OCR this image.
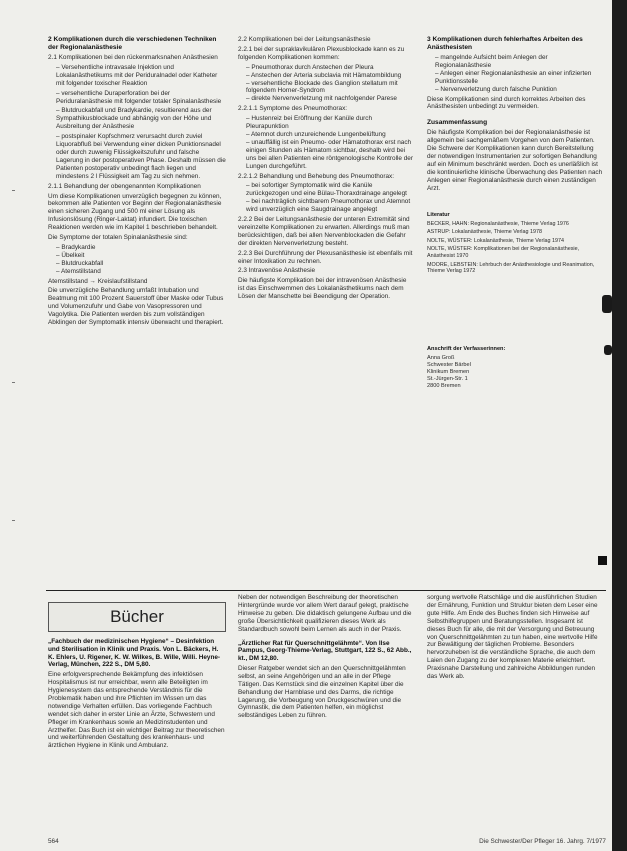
2 Komplikationen durch die verschiedenen Techniken der Regionalanästhesie

2.1 Komplikationen bei den rückenmarksnahen Anästhesien

– Versehentliche intravasale Injektion und Lokalanästhetikums mit der Periduralnadel oder Katheter mit folgender toxischer Reaktion

– versehentliche Duraperforation bei der Periduralanästhesie mit folgender totaler Spinalanästhesie

– Blutdruckabfall und Bradykardie, resultierend aus der Sympathikusblockade und abhängig von der Höhe und Ausbreitung der Anästhesie

– postspinaler Kopfschmerz verursacht durch zuviel Liquorabfluß bei Verwendung einer dicken Punktionsnadel oder durch zuwenig Flüssigkeitszufuhr und falsche Lagerung in der postoperativen Phase. Deshalb müssen die Patienten postoperativ unbedingt flach liegen und mindestens 2 l Flüssigkeit am Tag zu sich nehmen.

2.1.1 Behandlung der obengenannten Komplikationen

Um diese Komplikationen unverzüglich begegnen zu können, bekommen alle Patienten vor Beginn der Regionalanästhesie einen sicheren Zugang und 500 ml einer Lösung als Infusionslösung (Ringer-Laktat) infundiert. Die toxischen Reaktionen werden wie im Kapitel 1 beschrieben behandelt.

Die Symptome der totalen Spinalanästhesie sind:

– Bradykardie
– Übelkeit
– Blutdruckabfall
– Atemstillstand

Atemstillstand → Kreislaufstillstand

Die unverzügliche Behandlung umfaßt Intubation und Beatmung mit 100 Prozent Sauerstoff über Maske oder Tubus und Volumenzufuhr und Gabe von Vasopressoren und Vagolytika. Die Patienten werden bis zum vollständigen Abklingen der Symptomatik intensiv überwacht und therapiert.

2.2 Komplikationen bei der Leitungsanästhesie

2.2.1 bei der supraklavikulären Plexusblockade kann es zu folgenden Komplikationen kommen:

– Pneumothorax durch Anstechen der Pleura
– Anstechen der Arteria subclavia mit Hämatombildung
– versehentliche Blockade des Ganglion stellatum mit folgendem Horner-Syndrom
– direkte Nervenverletzung mit nachfolgender Parese

2.2.1.1 Symptome des Pneumothorax:

– Hustenreiz bei Eröffnung der Kanüle durch Pleurapunktion
– Atemnot durch unzureichende Lungenbelüftung
– unauffällig ist ein Pneumo- oder Hämatothorax erst nach einigen Stunden als Hämatom sichtbar, deshalb wird bei uns bei allen Patienten eine röntgenologische Kontrolle der Lungen durchgeführt.

2.2.1.2 Behandlung und Behebung des Pneumothorax:

– bei sofortiger Symptomatik wird die Kanüle zurückgezogen und eine Bülau-Thoraxdrainage angelegt
– bei nachträglich sichtbarem Pneumothorax und Atemnot wird unverzüglich eine Saugdrainage angelegt

2.2.2 Bei der Leitungsanästhesie der unteren Extremität sind vereinzelte Komplikationen zu erwarten. Allerdings muß man berücksichtigen, daß bei allen Nervenblockaden die Gefahr der direkten Nervenverletzung besteht.

2.2.3 Bei Durchführung der Plexusanästhesie ist ebenfalls mit einer Intoxikation zu rechnen.

2.3 Intravenöse Anästhesie

Die häufigste Komplikation bei der intravenösen Anästhesie ist das Einschwemmen des Lokalanästhetikums nach dem Lösen der Manschette bei Beendigung der Operation.

3 Komplikationen durch fehlerhaftes Arbeiten des Anästhesisten

– mangelnde Aufsicht beim Anlegen der Regionalanästhesie
– Anlegen einer Regionalanästhesie an einer infizierten Punktionsstelle
– Nervenverletzung durch falsche Punktion

Diese Komplikationen sind durch korrektes Arbeiten des Anästhesisten unbedingt zu vermeiden.

Zusammenfassung

Die häufigste Komplikation bei der Regionalanästhesie ist allgemein bei sachgemäßem Vorgehen von dem Patienten. Die Schwere der Komplikationen kann durch Bereitstellung der notwendigen Instrumentarien zur sofortigen Behandlung auf ein Minimum beschränkt werden. Doch es unerläßlich ist die kontinuierliche klinische Überwachung des Patienten nach Anlegen einer Regionalanästhesie durch einen zuständigen Arzt.

Literatur

BECKER, HAHN: Regionalanästhesie, Thieme Verlag 1976

ASTRUP: Lokalanästhesie, Thieme Verlag 1978

NOLTE, WÜSTER: Lokalanästhesie, Thieme Verlag 1974

NOLTE, WÜSTER: Komplikationen bei der Regionalanästhesie, Anästhesist 1970

MOORE, LEBSTEIN: Lehrbuch der Anästhesiologie und Reanimation, Thieme Verlag 1972

Anschrift der Verfasserinnen:

Anna Groß
Schwester Bärbel
Klinikum Bremen
St.-Jürgen-Str. 1
2800 Bremen

Bücher

„Fachbuch der medizinischen Hygiene“ – Desinfektion und Sterilisation in Klinik und Praxis. Von L. Bäckers, H. K. Ehlers, U. Rigener, K. W. Wilkes, B. Wille, Willi. Heyne-Verlag, München, 222 S., DM 5,80.

Eine erfolgversprechende Bekämpfung des infektiösen Hospitalismus ist nur erreichbar, wenn alle Beteiligten im Hygienesystem das entsprechende Verständnis für die Problematik haben und ihre Pflichten im Wissen um das notwendige Verhalten erfüllen. Das vorliegende Fachbuch wendet sich daher in erster Linie an Ärzte, Schwestern und Pfleger im Krankenhaus sowie an Medizinstudenten und Arzthelfer. Das Buch ist ein wichtiger Beitrag zur theoretischen und weiterführenden Gestaltung des krankenhaus- und ärztlichen Hygiene in Klinik und Ambulanz.

Neben der notwendigen Beschreibung der theoretischen Hintergründe wurde vor allem Wert darauf gelegt, praktische Hinweise zu geben. Die didaktisch gelungene Aufbau und die große Übersichtlichkeit qualifizieren dieses Werk als Standardbuch sowohl beim Lernen als auch in der Praxis.

„Ärztlicher Rat für Querschnittgelähmte“. Von Ilse Pampus, Georg-Thieme-Verlag, Stuttgart, 122 S., 62 Abb., kt., DM 12,80.

Dieser Ratgeber wendet sich an den Querschnittgelähmten selbst, an seine Angehörigen und an alle in der Pflege Tätigen. Das Kernstück sind die einzelnen Kapitel über die Behandlung der Harnblase und des Darms, die richtige Lagerung, die Vorbeugung von Druckgeschwüren und die Gymnastik, die dem Patienten helfen, ein möglichst selbständiges Leben zu führen.

sorgung wertvolle Ratschläge und die ausführlichen Studien der Ernährung, Funktion und Struktur bieten dem Leser eine gute Hilfe. Am Ende des Buches finden sich Hinweise auf Selbsthilfegruppen und Beratungsstellen. Insgesamt ist dieses Buch für alle, die mit der Versorgung und Betreuung von Querschnittgelähmten zu tun haben, eine wertvolle Hilfe zur Bewältigung der täglichen Probleme. Besonders hervorzuheben ist die verständliche Sprache, die auch dem Laien den Zugang zu der komplexen Materie erleichtert. Praxisnahe Darstellung und zahlreiche Abbildungen runden das Werk ab.

564	Die Schwester/Der Pfleger 16. Jahrg. 7/1977
